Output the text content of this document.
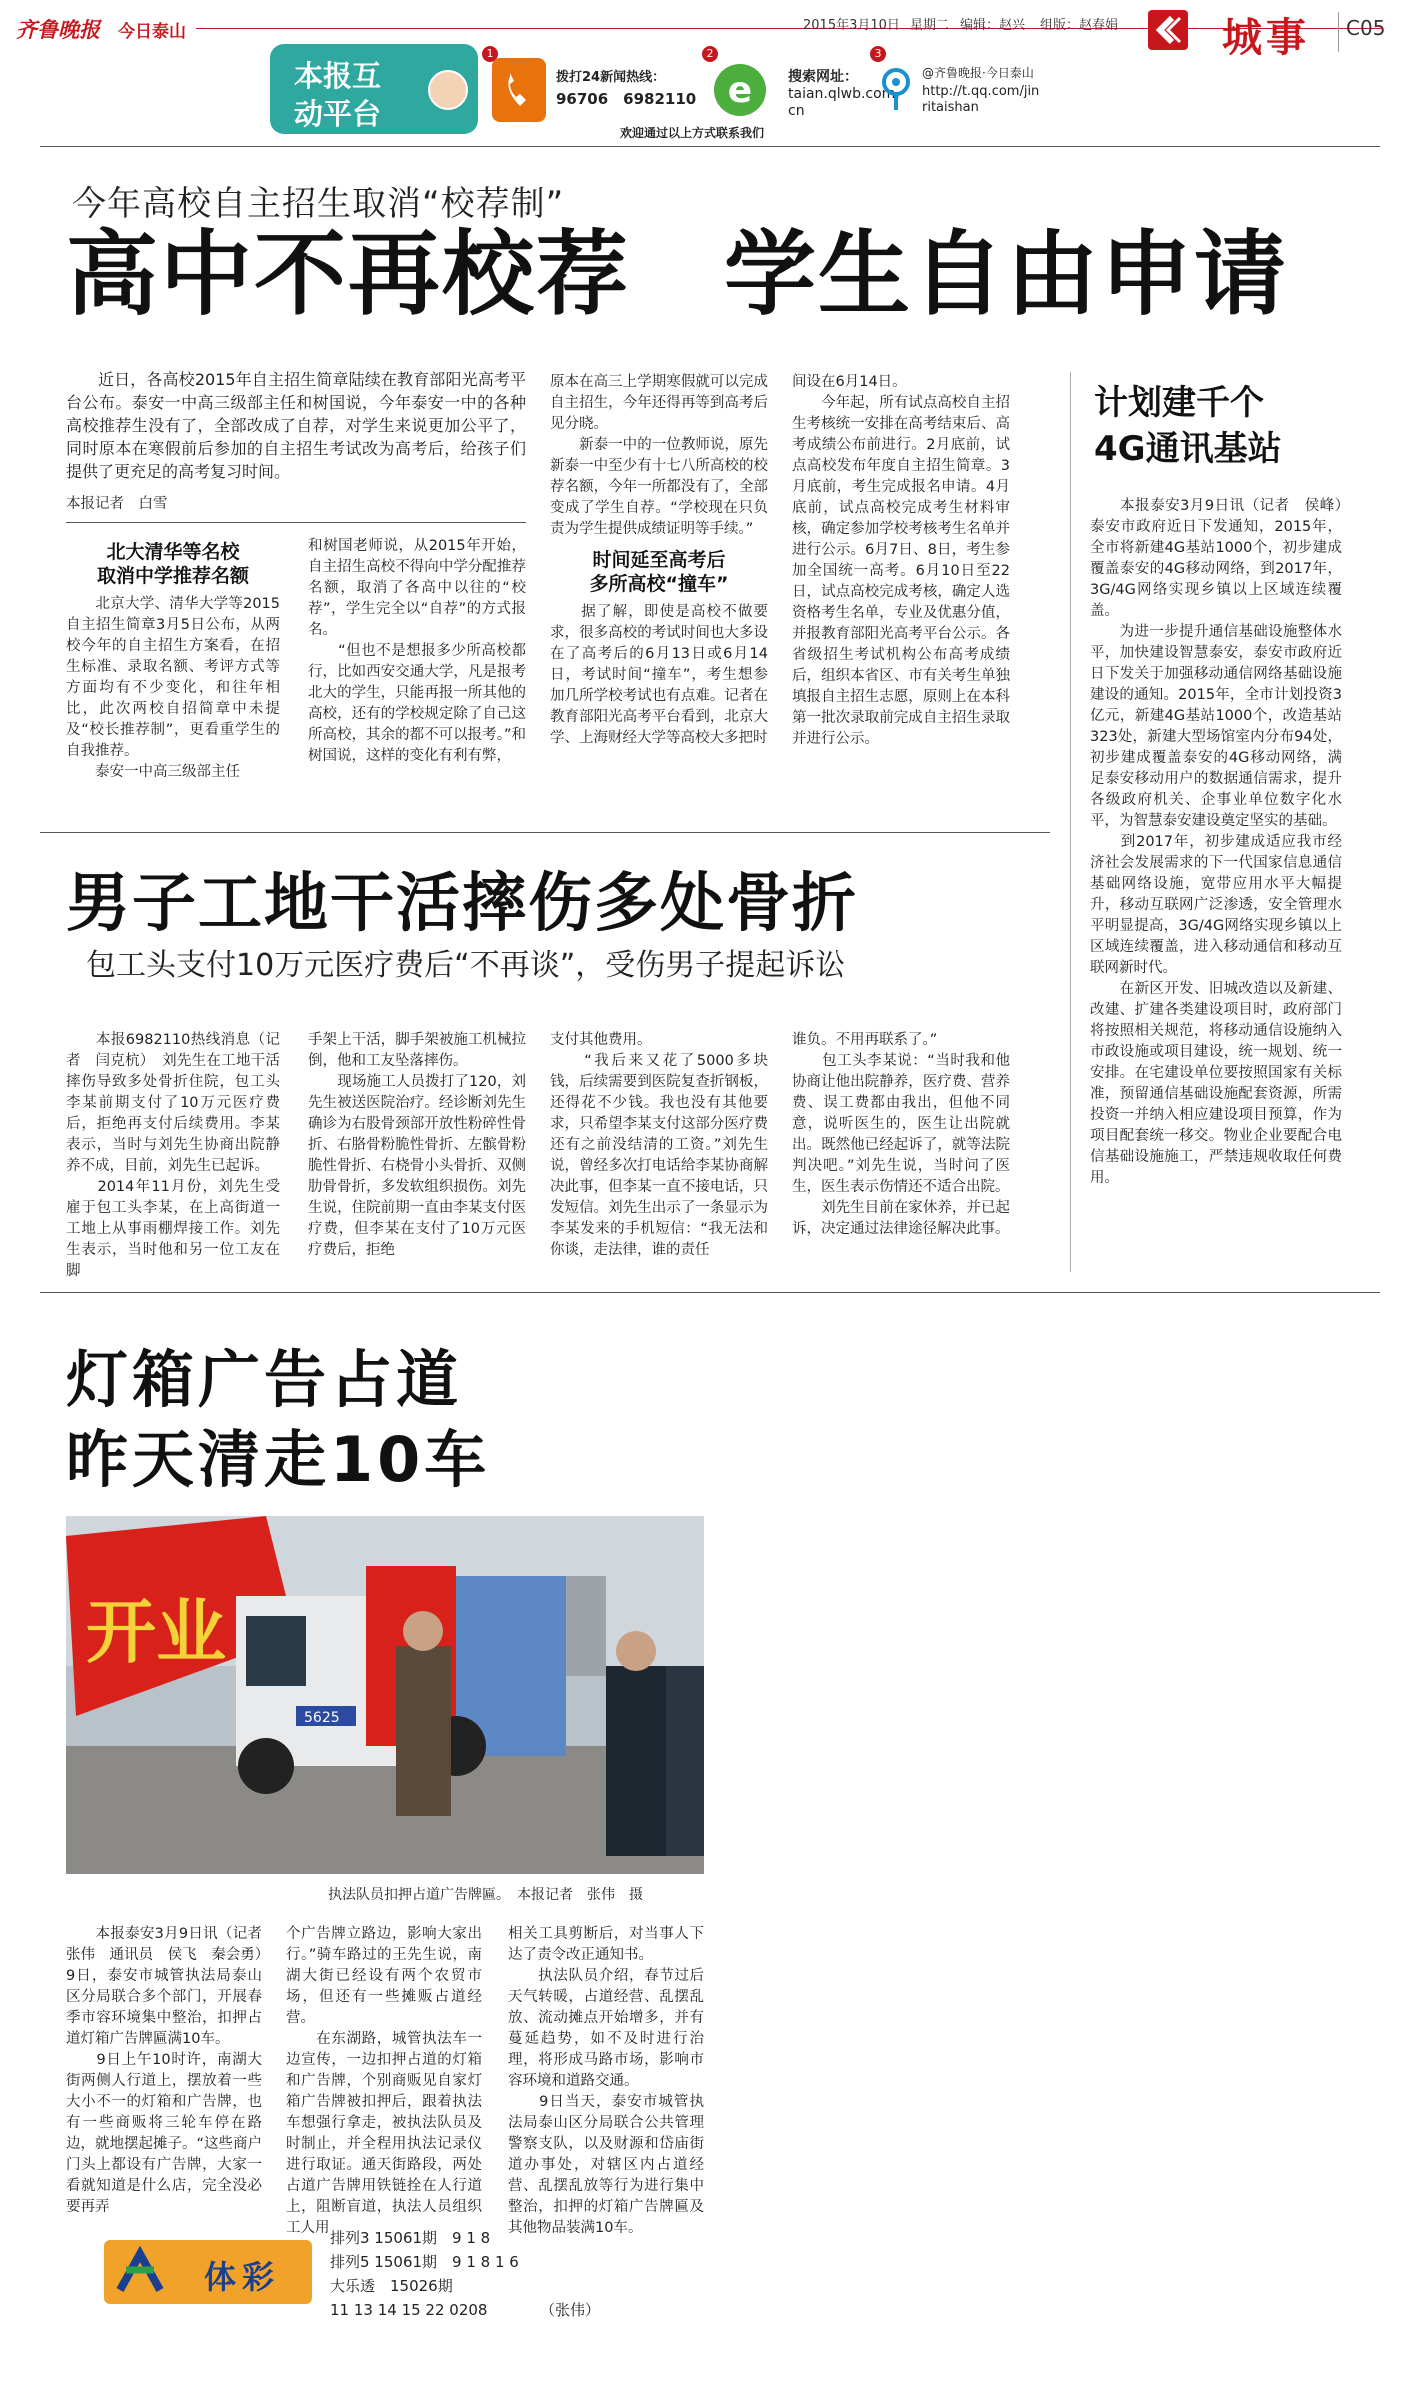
齐鲁晚报 今日泰山	2015年3月10日 星期二 编辑：赵兴 组版：赵春娟	城事 C05
本报互
动平台
1
拨打24新闻热线：
96706　6982110
2
e	搜索网址：
taian.qlwb.com.cn
3
@齐鲁晚报·今日泰山
http://t.qq.com/jinritaishan
欢迎通过以上方式联系我们
今年高校自主招生取消“校荐制”
高中不再校荐　学生自由申请
近日，各高校2015年自主招生简章陆续在教育部阳光高考平台公布。泰安一中高三级部主任和树国说，今年泰安一中的各种高校推荐生没有了，全部改成了自荐，对学生来说更加公平了，同时原本在寒假前后参加的自主招生考试改为高考后，给孩子们提供了更充足的高考复习时间。
本报记者　白雪
北大清华等名校
取消中学推荐名额
　　北京大学、清华大学等2015自主招生简章3月5日公布，从两校今年的自主招生方案看，在招生标准、录取名额、考评方式等方面均有不少变化，和往年相比，此次两校自招简章中未提及“校长推荐制”，更看重学生的自我推荐。
　　泰安一中高三级部主任
和树国老师说，从2015年开始，自主招生高校不得向中学分配推荐名额，取消了各高中以往的“校荐”，学生完全以“自荐”的方式报名。
　　“但也不是想报多少所高校都行，比如西安交通大学，凡是报考北大的学生，只能再报一所其他的高校，还有的学校规定除了自己这所高校，其余的都不可以报考。”和树国说，这样的变化有利有弊，
原本在高三上学期寒假就可以完成自主招生，今年还得再等到高考后见分晓。
　　新泰一中的一位教师说，原先新泰一中至少有十七八所高校的校荐名额，今年一所都没有了，全部变成了学生自荐。“学校现在只负责为学生提供成绩证明等手续。”
时间延至高考后
多所高校“撞车”
　　据了解，即使是高校不做要求，很多高校的考试时间也大多设在了高考后的6月13日或6月14日，考试时间“撞车”，考生想参加几所学校考试也有点难。记者在教育部阳光高考平台看到，北京大学、上海财经大学等高校大多把时
间设在6月14日。
　　今年起，所有试点高校自主招生考核统一安排在高考结束后、高考成绩公布前进行。2月底前，试点高校发布年度自主招生简章。3月底前，考生完成报名申请。4月底前，试点高校完成考生材料审核，确定参加学校考核考生名单并进行公示。6月7日、8日，考生参加全国统一高考。6月10日至22日，试点高校完成考核，确定人选资格考生名单，专业及优惠分值，并报教育部阳光高考平台公示。各省级招生考试机构公布高考成绩后，组织本省区、市有关考生单独填报自主招生志愿，原则上在本科第一批次录取前完成自主招生录取并进行公示。
计划建千个
4G通讯基站
　　本报泰安3月9日讯（记者　侯峰）　泰安市政府近日下发通知，2015年，全市将新建4G基站1000个，初步建成覆盖泰安的4G移动网络，到2017年，3G/4G网络实现乡镇以上区域连续覆盖。
　　为进一步提升通信基础设施整体水平，加快建设智慧泰安，泰安市政府近日下发关于加强移动通信网络基础设施建设的通知。2015年，全市计划投资3亿元，新建4G基站1000个，改造基站323处，新建大型场馆室内分布94处，初步建成覆盖泰安的4G移动网络，满足泰安移动用户的数据通信需求，提升各级政府机关、企事业单位数字化水平，为智慧泰安建设奠定坚实的基础。
　　到2017年，初步建成适应我市经济社会发展需求的下一代国家信息通信基础网络设施，宽带应用水平大幅提升，移动互联网广泛渗透，安全管理水平明显提高，3G/4G网络实现乡镇以上区域连续覆盖，进入移动通信和移动互联网新时代。
　　在新区开发、旧城改造以及新建、改建、扩建各类建设项目时，政府部门将按照相关规范，将移动通信设施纳入市政设施或项目建设，统一规划、统一安排。在宅建设单位要按照国家有关标准，预留通信基础设施配套资源，所需投资一并纳入相应建设项目预算，作为项目配套统一移交。物业企业要配合电信基础设施施工，严禁违规收取任何费用。
男子工地干活摔伤多处骨折
包工头支付10万元医疗费后“不再谈”，受伤男子提起诉讼
　　本报6982110热线消息（记者　闫克杭）　刘先生在工地干活摔伤导致多处骨折住院，包工头李某前期支付了10万元医疗费后，拒绝再支付后续费用。李某表示，当时与刘先生协商出院静养不成，目前，刘先生已起诉。
　　2014年11月份，刘先生受雇于包工头李某，在上高街道一工地上从事雨棚焊接工作。刘先生表示，当时他和另一位工友在脚
手架上干活，脚手架被施工机械拉倒，他和工友坠落摔伤。
　　现场施工人员拨打了120，刘先生被送医院治疗。经诊断刘先生确诊为右股骨颈部开放性粉碎性骨折、右胳骨粉脆性骨折、左髌骨粉脆性骨折、右桡骨小头骨折、双侧肋骨骨折，多发软组织损伤。刘先生说，住院前期一直由李某支付医疗费，但李某在支付了10万元医疗费后，拒绝
支付其他费用。
　　“我后来又花了5000多块钱，后续需要到医院复查折钢板，还得花不少钱。我也没有其他要求，只希望李某支付这部分医疗费还有之前没结清的工资。”刘先生说，曾经多次打电话给李某协商解决此事，但李某一直不接电话，只发短信。刘先生出示了一条显示为李某发来的手机短信：“我无法和你谈，走法律，谁的责任
谁负。不用再联系了。”
　　包工头李某说：“当时我和他协商让他出院静养，医疗费、营养费、误工费都由我出，但他不同意，说听医生的，医生让出院就出。既然他已经起诉了，就等法院判决吧。”刘先生说，当时问了医生，医生表示伤情还不适合出院。
　　刘先生目前在家休养，并已起诉，决定通过法律途径解决此事。
灯箱广告占道
昨天清走10车
开业
5625
执法队员扣押占道广告牌匾。　本报记者　张伟　摄
　　本报泰安3月9日讯（记者　张伟　通讯员　侯飞　秦会勇）　9日，泰安市城管执法局泰山区分局联合多个部门，开展春季市容环境集中整治，扣押占道灯箱广告牌匾满10车。
　　9日上午10时许，南湖大街两侧人行道上，摆放着一些大小不一的灯箱和广告牌，也有一些商贩将三轮车停在路边，就地摆起摊子。“这些商户门头上都设有广告牌，大家一看就知道是什么店，完全没必要再弄
个广告牌立路边，影响大家出行。”骑车路过的王先生说，南湖大街已经设有两个农贸市场，但还有一些摊贩占道经营。
　　在东湖路，城管执法车一边宣传，一边扣押占道的灯箱和广告牌，个别商贩见自家灯箱广告牌被扣押后，跟着执法车想强行拿走，被执法队员及时制止，并全程用执法记录仪进行取证。通天街路段，两处占道广告牌用铁链拴在人行道上，阻断盲道，执法人员组织工人用
相关工具剪断后，对当事人下达了责令改正通知书。
　　执法队员介绍，春节过后天气转暖，占道经营、乱摆乱放、流动摊点开始增多，并有蔓延趋势，如不及时进行治理，将形成马路市场，影响市容环境和道路交通。
　　9日当天，泰安市城管执法局泰山区分局联合公共管理警察支队，以及财源和岱庙街道办事处，对辖区内占道经营、乱摆乱放等行为进行集中整治，扣押的灯箱广告牌匾及其他物品装满10车。
体彩
排列3 15061期　9 1 8
排列5 15061期　9 1 8 1 6
大乐透　15026期
11 13 14 15 22 0208　　　　（张伟）
